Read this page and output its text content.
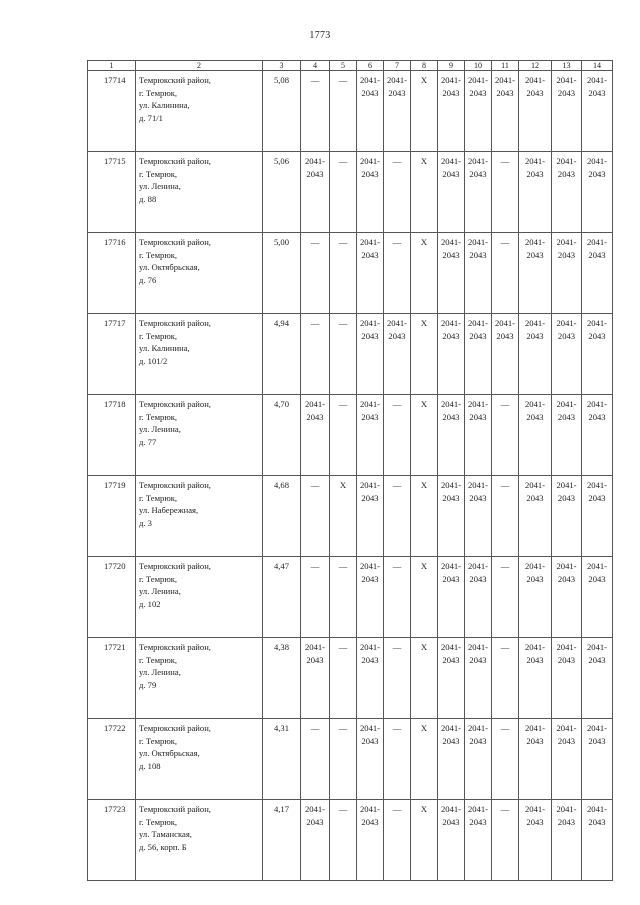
1773
1	2	3	4	5	6	7	8	9	10	11	12	13	14
17714	Темрюкский район,
г. Темрюк,
ул. Калинина,
д. 71/1	5,08	—	—	2041-
2043	2041-
2043	X	2041-
2043	2041-
2043	2041-
2043	2041-
2043	2041-
2043	2041-
2043

17715	Темрюкский район,
г. Темрюк,
ул. Ленина,
д. 88	5,06	2041-
2043	—	2041-
2043	—	X	2041-
2043	2041-
2043	—	2041-
2043	2041-
2043	2041-
2043

17716	Темрюкский район,
г. Темрюк,
ул. Октябрьская,
д. 76	5,00	—	—	2041-
2043	—	X	2041-
2043	2041-
2043	—	2041-
2043	2041-
2043	2041-
2043

17717	Темрюкский район,
г. Темрюк,
ул. Калинина,
д. 101/2	4,94	—	—	2041-
2043	2041-
2043	X	2041-
2043	2041-
2043	2041-
2043	2041-
2043	2041-
2043	2041-
2043

17718	Темрюкский район,
г. Темрюк,
ул. Ленина,
д. 77	4,70	2041-
2043	—	2041-
2043	—	X	2041-
2043	2041-
2043	—	2041-
2043	2041-
2043	2041-
2043

17719	Темрюкский район,
г. Темрюк,
ул. Набережная,
д. 3	4,68	—	X	2041-
2043	—	X	2041-
2043	2041-
2043	—	2041-
2043	2041-
2043	2041-
2043

17720	Темрюкский район,
г. Темрюк,
ул. Ленина,
д. 102	4,47	—	—	2041-
2043	—	X	2041-
2043	2041-
2043	—	2041-
2043	2041-
2043	2041-
2043

17721	Темрюкский район,
г. Темрюк,
ул. Ленина,
д. 79	4,38	2041-
2043	—	2041-
2043	—	X	2041-
2043	2041-
2043	—	2041-
2043	2041-
2043	2041-
2043

17722	Темрюкский район,
г. Темрюк,
ул. Октябрьская,
д. 108	4,31	—	—	2041-
2043	—	X	2041-
2043	2041-
2043	—	2041-
2043	2041-
2043	2041-
2043

17723	Темрюкский район,
г. Темрюк,
ул. Таманская,
д. 56, корп. Б	4,17	2041-
2043	—	2041-
2043	—	X	2041-
2043	2041-
2043	—	2041-
2043	2041-
2043	2041-
2043
